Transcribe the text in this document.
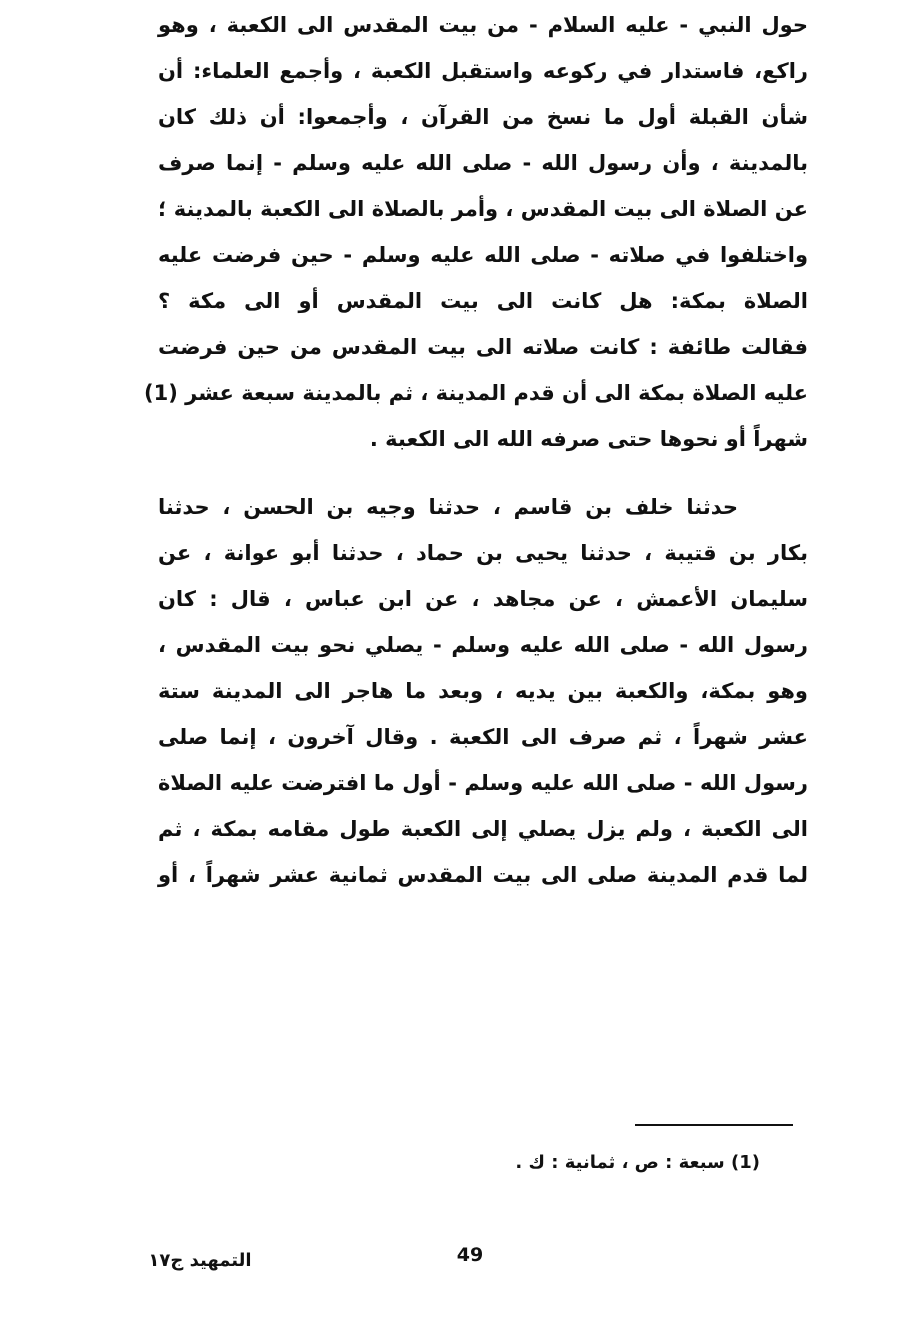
حول النبي - عليه السلام - من بيت المقدس الى الكعبة ، وهو
راكع، فاستدار في ركوعه واستقبل الكعبة ، وأجمع العلماء: أن
شأن القبلة أول ما نسخ من القرآن ، وأجمعوا: أن ذلك كان
بالمدينة ، وأن رسول الله - صلى الله عليه وسلم - إنما صرف
عن الصلاة الى بيت المقدس ، وأمر بالصلاة الى الكعبة بالمدينة ؛
واختلفوا في صلاته - صلى الله عليه وسلم - حين فرضت عليه
الصلاة بمكة: هل كانت الى بيت المقدس أو الى مكة ؟
فقالت طائفة : كانت صلاته الى بيت المقدس من حين فرضت
عليه الصلاة بمكة الى أن قدم المدينة ، ثم بالمدينة سبعة عشر (1)
شهراً أو نحوها حتى صرفه الله الى الكعبة .
حدثنا خلف بن قاسم ، حدثنا وجيه بن الحسن ، حدثنا
بكار بن قتيبة ، حدثنا يحيى بن حماد ، حدثنا أبو عوانة ، عن
سليمان الأعمش ، عن مجاهد ، عن ابن عباس ، قال : كان
رسول الله - صلى الله عليه وسلم - يصلي نحو بيت المقدس ،
وهو بمكة، والكعبة بين يديه ، وبعد ما هاجر الى المدينة ستة
عشر شهراً ، ثم صرف الى الكعبة . وقال آخرون ، إنما صلى
رسول الله - صلى الله عليه وسلم - أول ما افترضت عليه الصلاة
الى الكعبة ، ولم يزل يصلي إلى الكعبة طول مقامه بمكة ، ثم
لما قدم المدينة صلى الى بيت المقدس ثمانية عشر شهراً ، أو
(1) سبعة : ص ، ثمانية : ك .
التمهيد ج١٧	49
